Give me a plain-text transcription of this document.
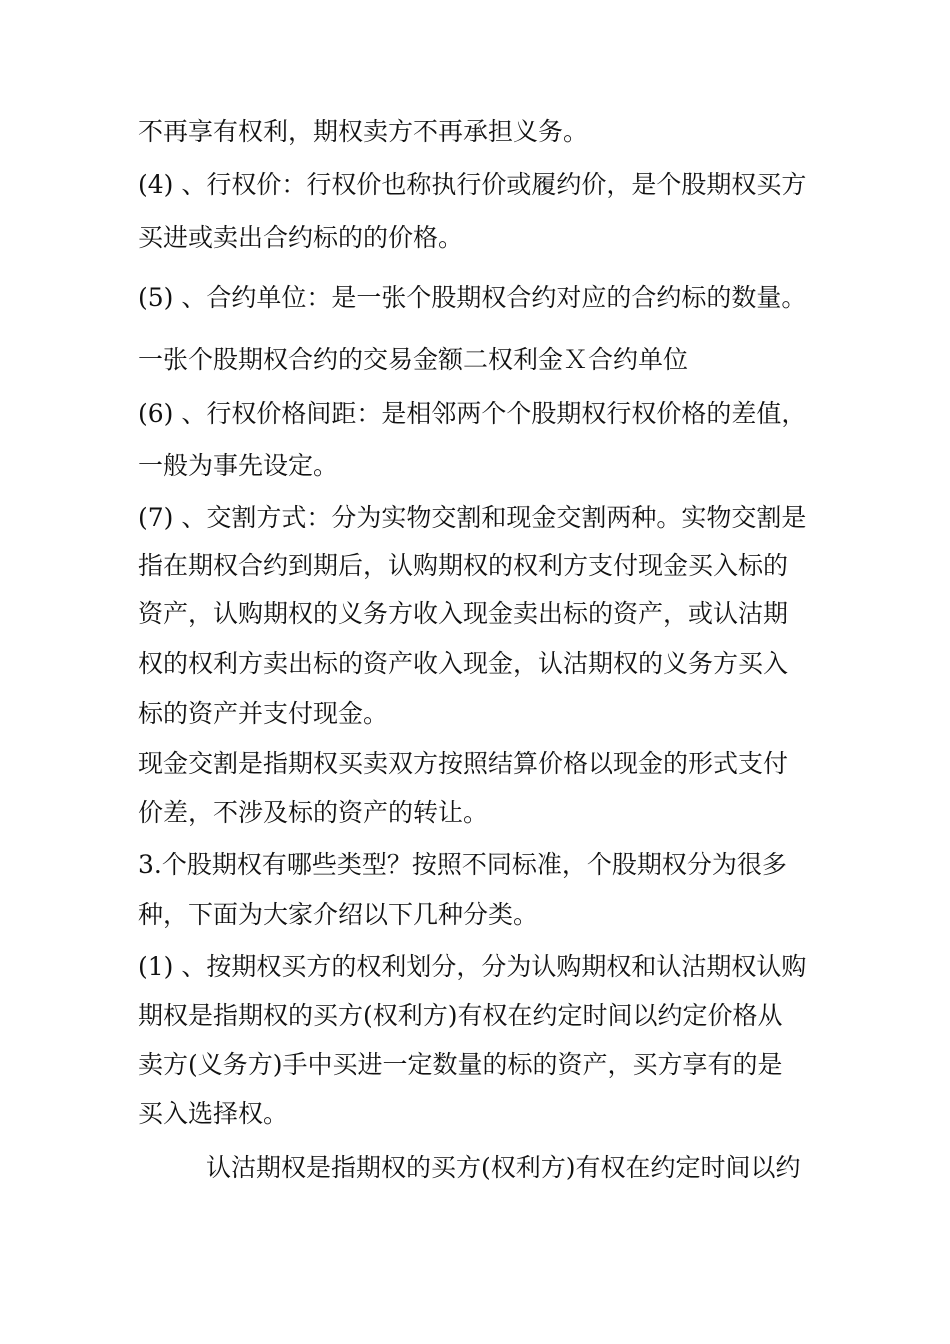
不再享有权利，期权卖方不再承担义务。
(4) 、行权价：行权价也称执行价或履约价，是个股期权买方
买进或卖出合约标的的价格。
(5) 、合约单位：是一张个股期权合约对应的合约标的数量。
一张个股期权合约的交易金额二权利金Ｘ合约单位
(6) 、行权价格间距：是相邻两个个股期权行权价格的差值，
一般为事先设定。
(7) 、交割方式：分为实物交割和现金交割两种。实物交割是
指在期权合约到期后，认购期权的权利方支付现金买入标的
资产，认购期权的义务方收入现金卖出标的资产，或认沽期
权的权利方卖出标的资产收入现金，认沽期权的义务方买入
标的资产并支付现金。
现金交割是指期权买卖双方按照结算价格以现金的形式支付
价差，不涉及标的资产的转让。
3.个股期权有哪些类型？按照不同标准，个股期权分为很多
种，下面为大家介绍以下几种分类。
(1) 、按期权买方的权利划分，分为认购期权和认沽期权认购
期权是指期权的买方(权利方)有权在约定时间以约定价格从
卖方(义务方)手中买进一定数量的标的资产，买方享有的是
买入选择权。
认沽期权是指期权的买方(权利方)有权在约定时间以约
